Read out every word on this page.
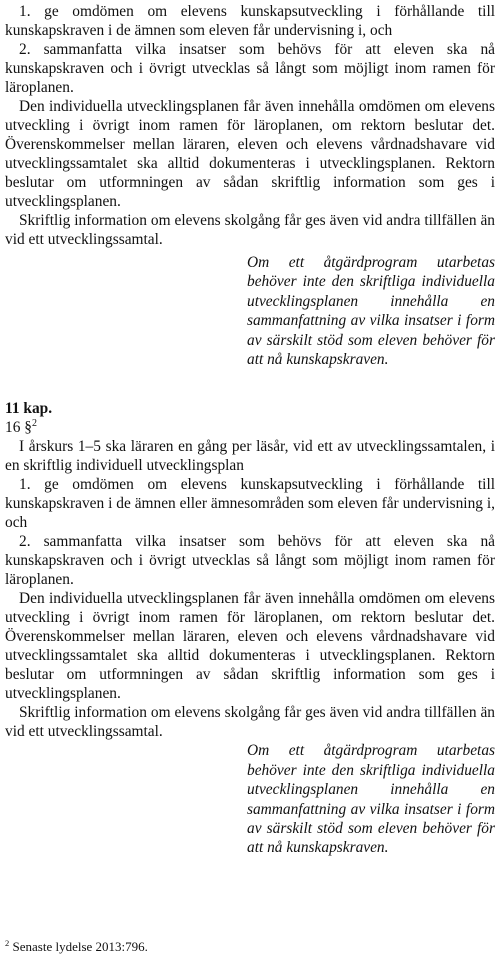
1. ge omdömen om elevens kunskapsutveckling i förhållande till kunskapskraven i de ämnen som eleven får undervisning i, och

2. sammanfatta vilka insatser som behövs för att eleven ska nå kunskapskraven och i övrigt utvecklas så långt som möjligt inom ramen för läroplanen.

Den individuella utvecklingsplanen får även innehålla omdömen om elevens utveckling i övrigt inom ramen för läroplanen, om rektorn beslutar det. Överenskommelser mellan läraren, eleven och elevens vårdnadshavare vid utvecklingssamtalet ska alltid dokumenteras i utvecklingsplanen. Rektorn beslutar om utformningen av sådan skriftlig information som ges i utvecklingsplanen.

Skriftlig information om elevens skolgång får ges även vid andra tillfällen än vid ett utvecklingssamtal.

Om ett åtgärdprogram utarbetas behöver inte den skriftliga individuella utvecklingsplanen innehålla en sammanfattning av vilka insatser i form av särskilt stöd som eleven behöver för att nå kunskapskraven.

11 kap.

16 §$^2$

I årskurs 1–5 ska läraren en gång per läsår, vid ett av utvecklingssamtalen, i en skriftlig individuell utvecklingsplan

1. ge omdömen om elevens kunskapsutveckling i förhållande till kunskapskraven i de ämnen eller ämnesområden som eleven får undervisning i, och

2. sammanfatta vilka insatser som behövs för att eleven ska nå kunskapskraven och i övrigt utvecklas så långt som möjligt inom ramen för läroplanen.

Den individuella utvecklingsplanen får även innehålla omdömen om elevens utveckling i övrigt inom ramen för läroplanen, om rektorn beslutar det. Överenskommelser mellan läraren, eleven och elevens vårdnadshavare vid utvecklingssamtalet ska alltid dokumenteras i utvecklingsplanen. Rektorn beslutar om utformningen av sådan skriftlig information som ges i utvecklingsplanen.

Skriftlig information om elevens skolgång får ges även vid andra tillfällen än vid ett utvecklingssamtal.

Om ett åtgärdprogram utarbetas behöver inte den skriftliga individuella utvecklingsplanen innehålla en sammanfattning av vilka insatser i form av särskilt stöd som eleven behöver för att nå kunskapskraven.
$^2$ Senaste lydelse 2013:796.
